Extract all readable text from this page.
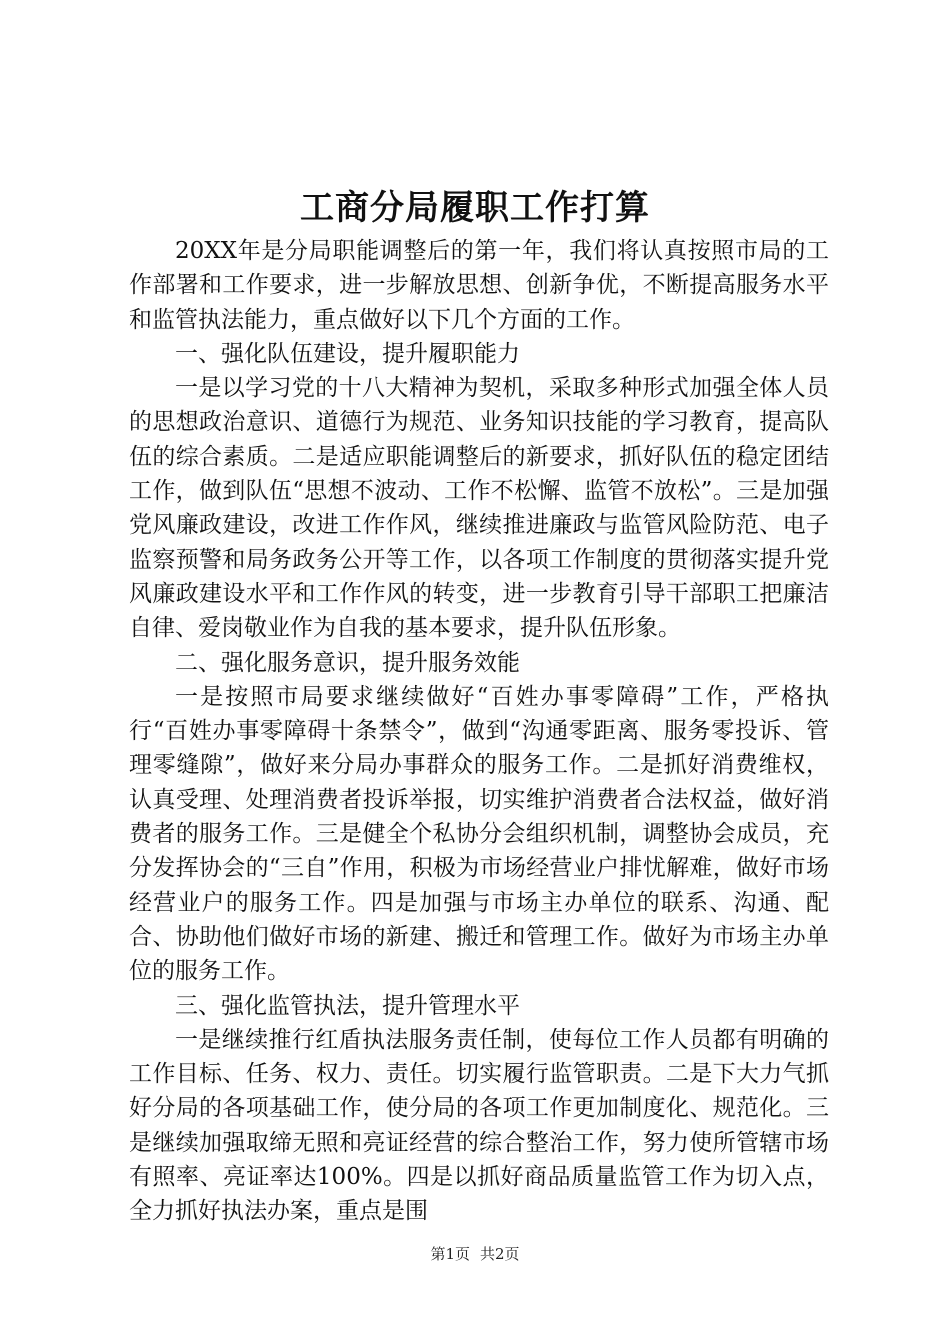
工商分局履职工作打算

20XX年是分局职能调整后的第一年，我们将认真按照市局的工作部署和工作要求，进一步解放思想、创新争优，不断提高服务水平和监管执法能力，重点做好以下几个方面的工作。

一、强化队伍建设，提升履职能力

一是以学习党的十八大精神为契机，采取多种形式加强全体人员的思想政治意识、道德行为规范、业务知识技能的学习教育，提高队伍的综合素质。二是适应职能调整后的新要求，抓好队伍的稳定团结工作，做到队伍“思想不波动、工作不松懈、监管不放松”。三是加强党风廉政建设，改进工作作风，继续推进廉政与监管风险防范、电子监察预警和局务政务公开等工作，以各项工作制度的贯彻落实提升党风廉政建设水平和工作作风的转变，进一步教育引导干部职工把廉洁自律、爱岗敬业作为自我的基本要求，提升队伍形象。

二、强化服务意识，提升服务效能

一是按照市局要求继续做好“百姓办事零障碍”工作，严格执行“百姓办事零障碍十条禁令”，做到“沟通零距离、服务零投诉、管理零缝隙”，做好来分局办事群众的服务工作。二是抓好消费维权，认真受理、处理消费者投诉举报，切实维护消费者合法权益，做好消费者的服务工作。三是健全个私协分会组织机制，调整协会成员，充分发挥协会的“三自”作用，积极为市场经营业户排忧解难，做好市场经营业户的服务工作。四是加强与市场主办单位的联系、沟通、配合、协助他们做好市场的新建、搬迁和管理工作。做好为市场主办单位的服务工作。

三、强化监管执法，提升管理水平

一是继续推行红盾执法服务责任制，使每位工作人员都有明确的工作目标、任务、权力、责任。切实履行监管职责。二是下大力气抓好分局的各项基础工作，使分局的各项工作更加制度化、规范化。三是继续加强取缔无照和亮证经营的综合整治工作，努力使所管辖市场有照率、亮证率达100%。四是以抓好商品质量监管工作为切入点，全力抓好执法办案，重点是围

第1页 共2页
